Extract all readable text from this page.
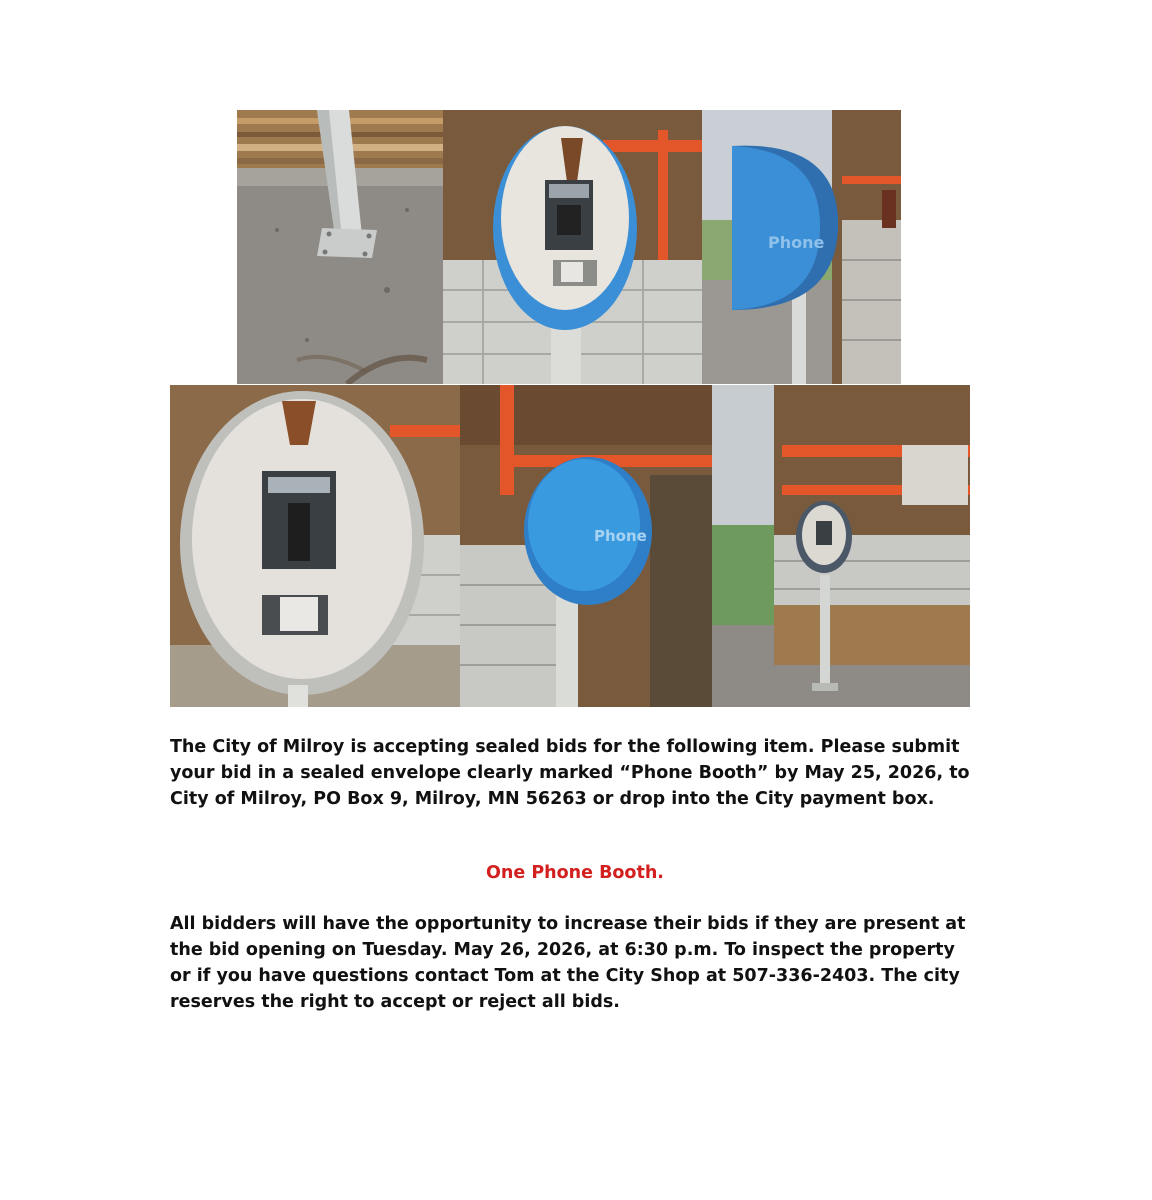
Phone
Phone

The City of Milroy is accepting sealed bids for the following item. Please submit your bid in a sealed envelope clearly marked “Phone Booth” by May 25, 2026, to City of Milroy, PO Box 9, Milroy, MN 56263 or drop into the City payment box.

One Phone Booth.

All bidders will have the opportunity to increase their bids if they are present at the bid opening on Tuesday. May 26, 2026, at 6:30 p.m. To inspect the property or if you have questions contact Tom at the City Shop at 507-336-2403. The city reserves the right to accept or reject all bids.
